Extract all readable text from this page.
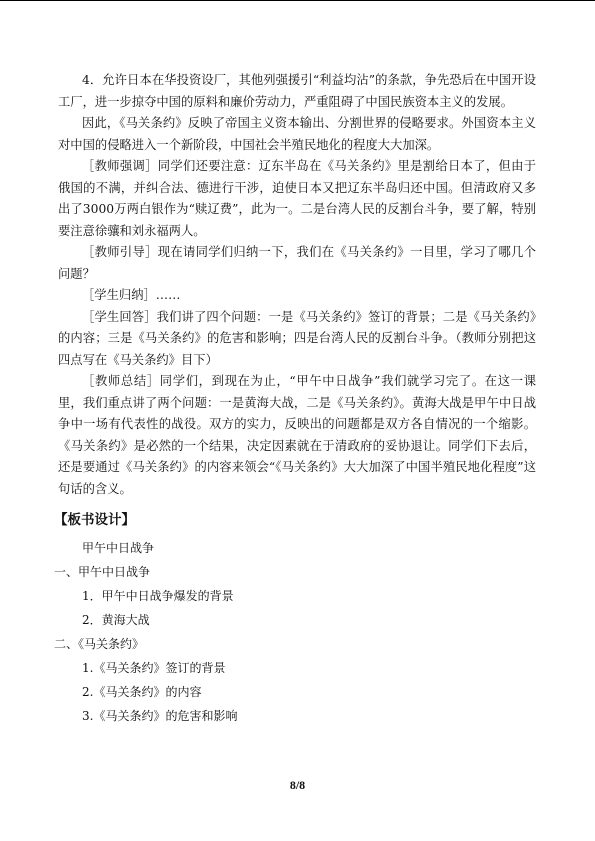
4．允许日本在华投资设厂，其他列强援引“利益均沾”的条款，争先恐后在中国开设工厂，进一步掠夺中国的原料和廉价劳动力，严重阻碍了中国民族资本主义的发展。

因此，《马关条约》反映了帝国主义资本输出、分割世界的侵略要求。外国资本主义对中国的侵略进入一个新阶段，中国社会半殖民地化的程度大大加深。

［教师强调］同学们还要注意：辽东半岛在《马关条约》里是割给日本了，但由于俄国的不满，并纠合法、德进行干涉，迫使日本又把辽东半岛归还中国。但清政府又多出了3000万两白银作为“赎辽费”，此为一。二是台湾人民的反割台斗争，要了解，特别要注意徐骧和刘永福两人。

［教师引导］现在请同学们归纳一下，我们在《马关条约》一目里，学习了哪几个问题？

［学生归纳］……

［学生回答］我们讲了四个问题：一是《马关条约》签订的背景；二是《马关条约》的内容；三是《马关条约》的危害和影响；四是台湾人民的反割台斗争。（教师分别把这四点写在《马关条约》目下）

［教师总结］同学们，到现在为止，“甲午中日战争”我们就学习完了。在这一课里，我们重点讲了两个问题：一是黄海大战，二是《马关条约》。黄海大战是甲午中日战争中一场有代表性的战役。双方的实力，反映出的问题都是双方各自情况的一个缩影。《马关条约》是必然的一个结果，决定因素就在于清政府的妥协退让。同学们下去后，还是要通过《马关条约》的内容来领会“《马关条约》大大加深了中国半殖民地化程度”这句话的含义。

【板书设计】
甲午中日战争
一、甲午中日战争
1．甲午中日战争爆发的背景
2．黄海大战
二、《马关条约》
1.《马关条约》签订的背景
2.《马关条约》的内容
3.《马关条约》的危害和影响
8/8
